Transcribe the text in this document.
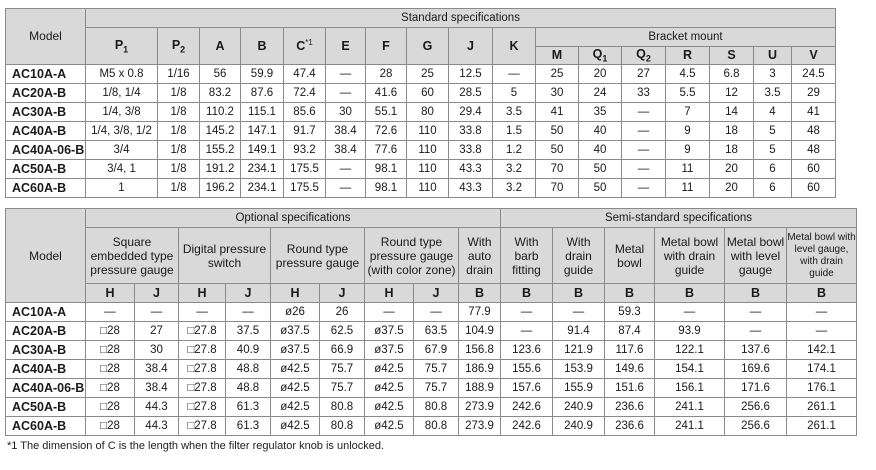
Model	Standard specifications																
	$P_1$	$P_2$	A	B	$C^{*1}$	E	F	G	J	K	Bracket mount						
											M	$Q_1$	$Q_2$	R	S	U	V
AC10A-A	M5 x 0.8	1/16	56	59.9	47.4	—	28	25	12.5	—	25	20	27	4.5	6.8	3	24.5
AC20A-B	1/8, 1/4	1/8	83.2	87.6	72.4	—	41.6	60	28.5	5	30	24	33	5.5	12	3.5	29
AC30A-B	1/4, 3/8	1/8	110.2	115.1	85.6	30	55.1	80	29.4	3.5	41	35	—	7	14	4	41
AC40A-B	1/4, 3/8, 1/2	1/8	145.2	147.1	91.7	38.4	72.6	110	33.8	1.5	50	40	—	9	18	5	48
AC40A-06-B	3/4	1/8	155.2	149.1	93.2	38.4	77.6	110	33.8	1.2	50	40	—	9	18	5	48
AC50A-B	3/4, 1	1/8	191.2	234.1	175.5	—	98.1	110	43.3	3.2	70	50	—	11	20	6	60
AC60A-B	1	1/8	196.2	234.1	175.5	—	98.1	110	43.3	3.2	70	50	—	11	20	6	60
Model	Optional specifications									Semi-standard specifications					
	Square embedded type pressure gauge		Digital pressure switch		Round type pressure gauge		Round type pressure gauge (with color zone)		With auto drain	With barb fitting	With drain guide	Metal bowl	Metal bowl with drain guide	Metal bowl with level gauge	Metal bowl with level gauge, with drain guide
	H	J	H	J	H	J	H	J	B	B	B	B	B	B	B
AC10A-A	—	—	—	—	ø26	26	—	—	77.9	—	—	59.3	—	—	—
AC20A-B	□28	27	□27.8	37.5	ø37.5	62.5	ø37.5	63.5	104.9	—	91.4	87.4	93.9	—	—
AC30A-B	□28	30	□27.8	40.9	ø37.5	66.9	ø37.5	67.9	156.8	123.6	121.9	117.6	122.1	137.6	142.1
AC40A-B	□28	38.4	□27.8	48.8	ø42.5	75.7	ø42.5	75.7	186.9	155.6	153.9	149.6	154.1	169.6	174.1
AC40A-06-B	□28	38.4	□27.8	48.8	ø42.5	75.7	ø42.5	75.7	188.9	157.6	155.9	151.6	156.1	171.6	176.1
AC50A-B	□28	44.3	□27.8	61.3	ø42.5	80.8	ø42.5	80.8	273.9	242.6	240.9	236.6	241.1	256.6	261.1
AC60A-B	□28	44.3	□27.8	61.3	ø42.5	80.8	ø42.5	80.8	273.9	242.6	240.9	236.6	241.1	256.6	261.1
*1 The dimension of C is the length when the filter regulator knob is unlocked.
